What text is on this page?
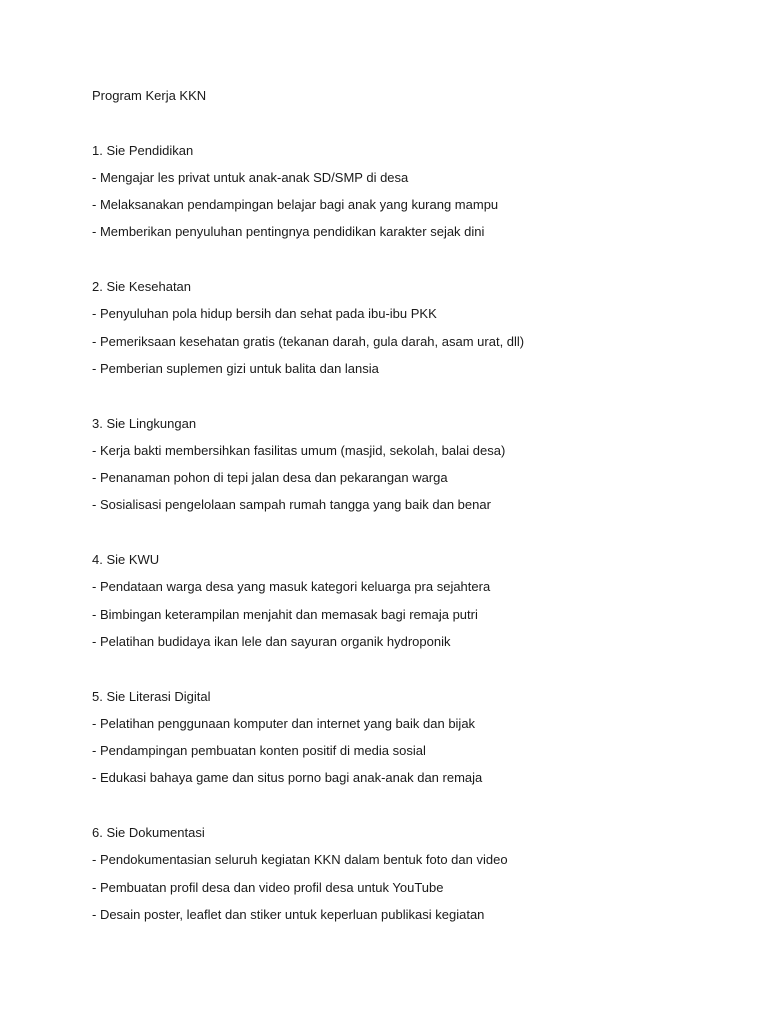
Program Kerja KKN
1. Sie Pendidikan
- Mengajar les privat untuk anak-anak SD/SMP di desa
- Melaksanakan pendampingan belajar bagi anak yang kurang mampu
- Memberikan penyuluhan pentingnya pendidikan karakter sejak dini
2. Sie Kesehatan
- Penyuluhan pola hidup bersih dan sehat pada ibu-ibu PKK
- Pemeriksaan kesehatan gratis (tekanan darah, gula darah, asam urat, dll)
- Pemberian suplemen gizi untuk balita dan lansia
3. Sie Lingkungan
- Kerja bakti membersihkan fasilitas umum (masjid, sekolah, balai desa)
- Penanaman pohon di tepi jalan desa dan pekarangan warga
- Sosialisasi pengelolaan sampah rumah tangga yang baik dan benar
4. Sie KWU
- Pendataan warga desa yang masuk kategori keluarga pra sejahtera
- Bimbingan keterampilan menjahit dan memasak bagi remaja putri
- Pelatihan budidaya ikan lele dan sayuran organik hydroponik
5. Sie Literasi Digital
- Pelatihan penggunaan komputer dan internet yang baik dan bijak
- Pendampingan pembuatan konten positif di media sosial
- Edukasi bahaya game dan situs porno bagi anak-anak dan remaja
6. Sie Dokumentasi
- Pendokumentasian seluruh kegiatan KKN dalam bentuk foto dan video
- Pembuatan profil desa dan video profil desa untuk YouTube
- Desain poster, leaflet dan stiker untuk keperluan publikasi kegiatan
